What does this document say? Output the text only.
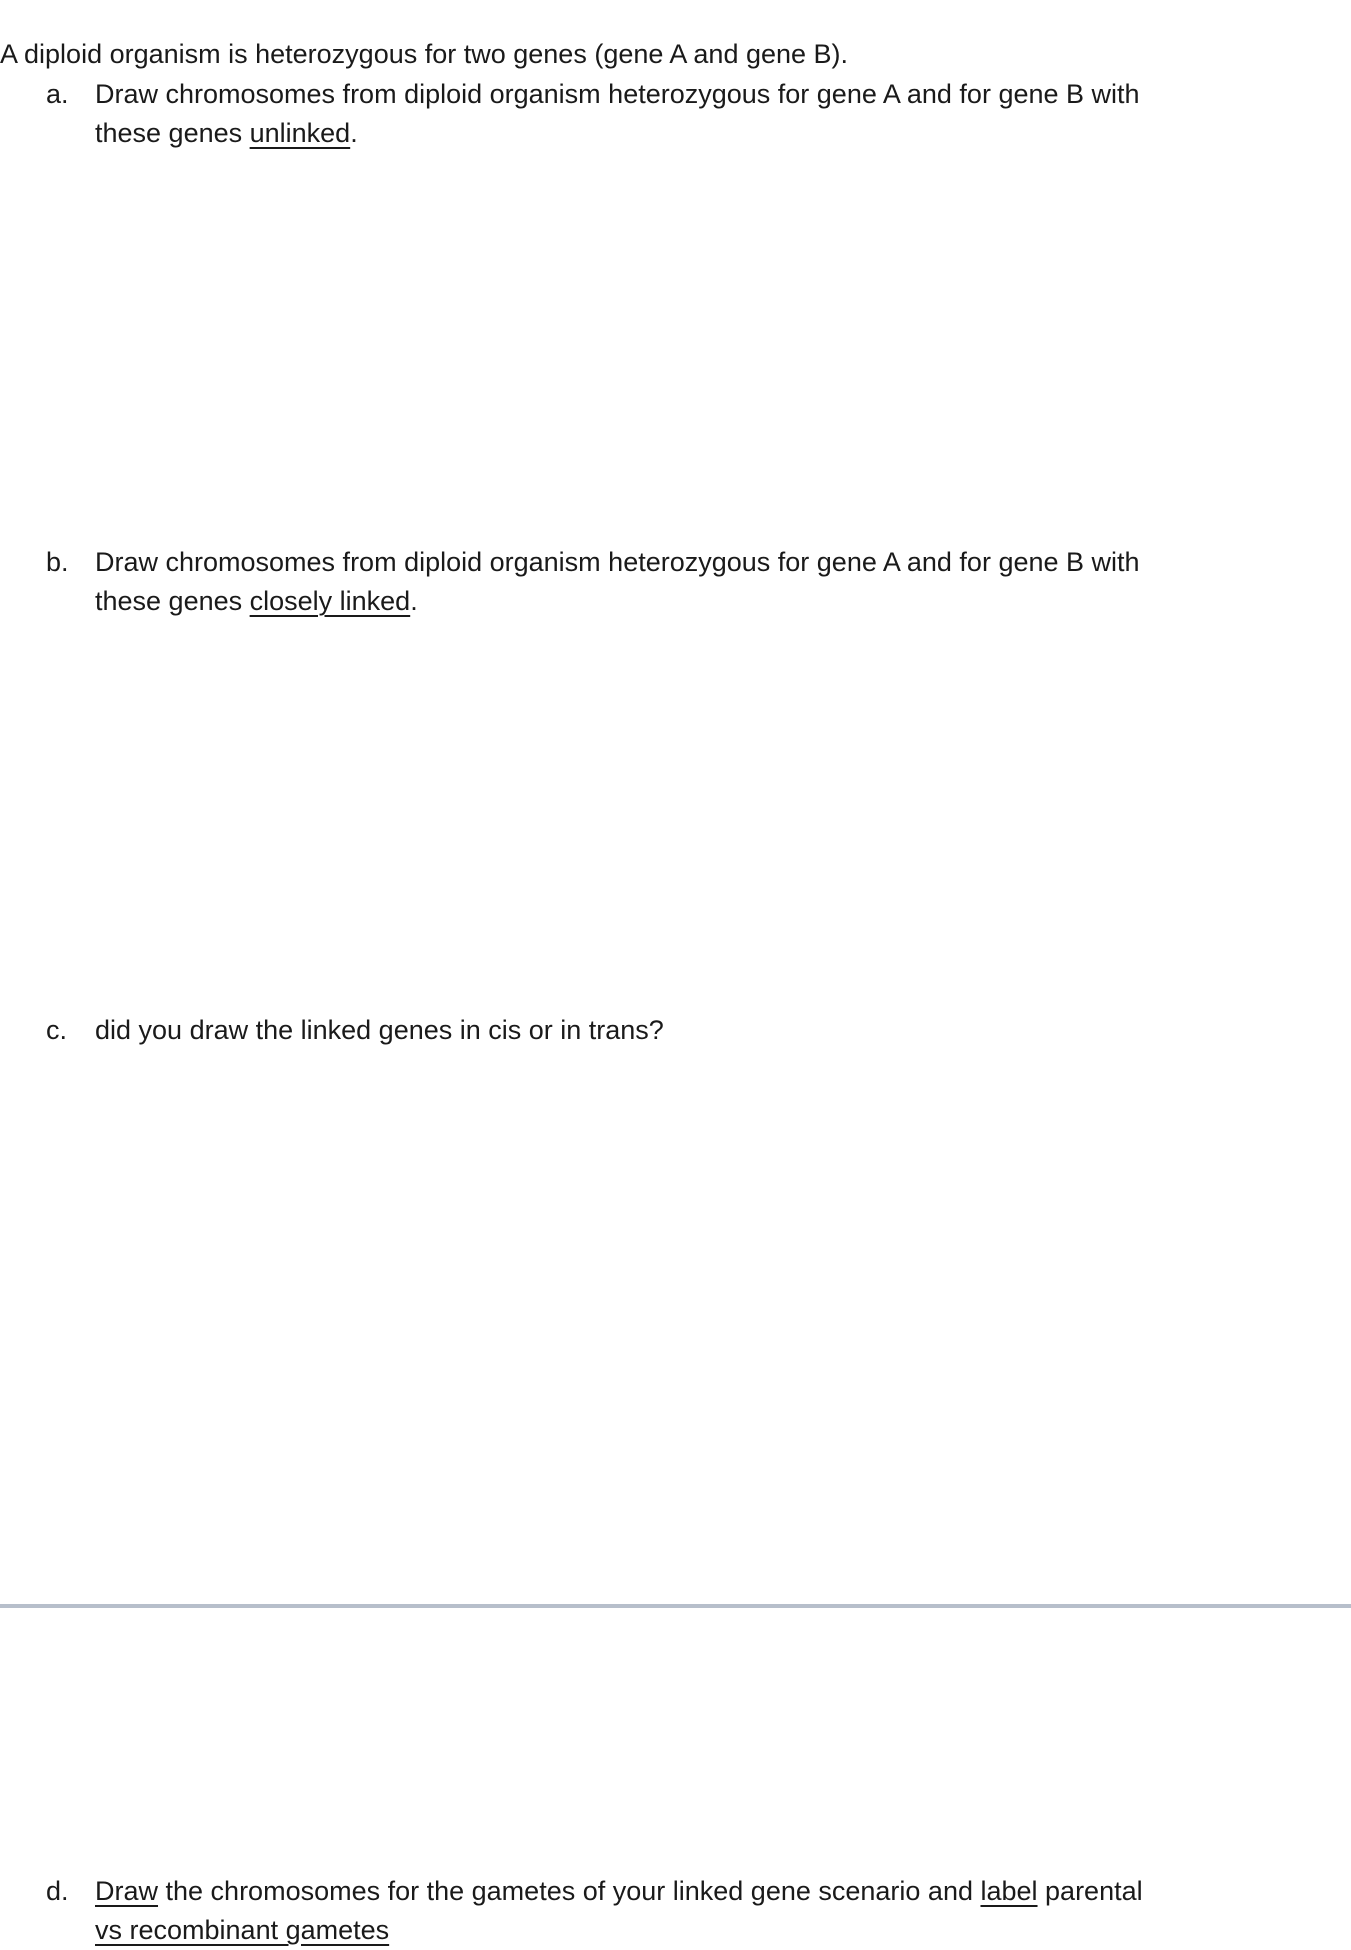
A diploid organism is heterozygous for two genes (gene A and gene B).
a. Draw chromosomes from diploid organism heterozygous for gene A and for gene B with
these genes unlinked.
b. Draw chromosomes from diploid organism heterozygous for gene A and for gene B with
these genes closely linked.
c. did you draw the linked genes in cis or in trans?
d. Draw the chromosomes for the gametes of your linked gene scenario and label parental
vs recombinant gametes
